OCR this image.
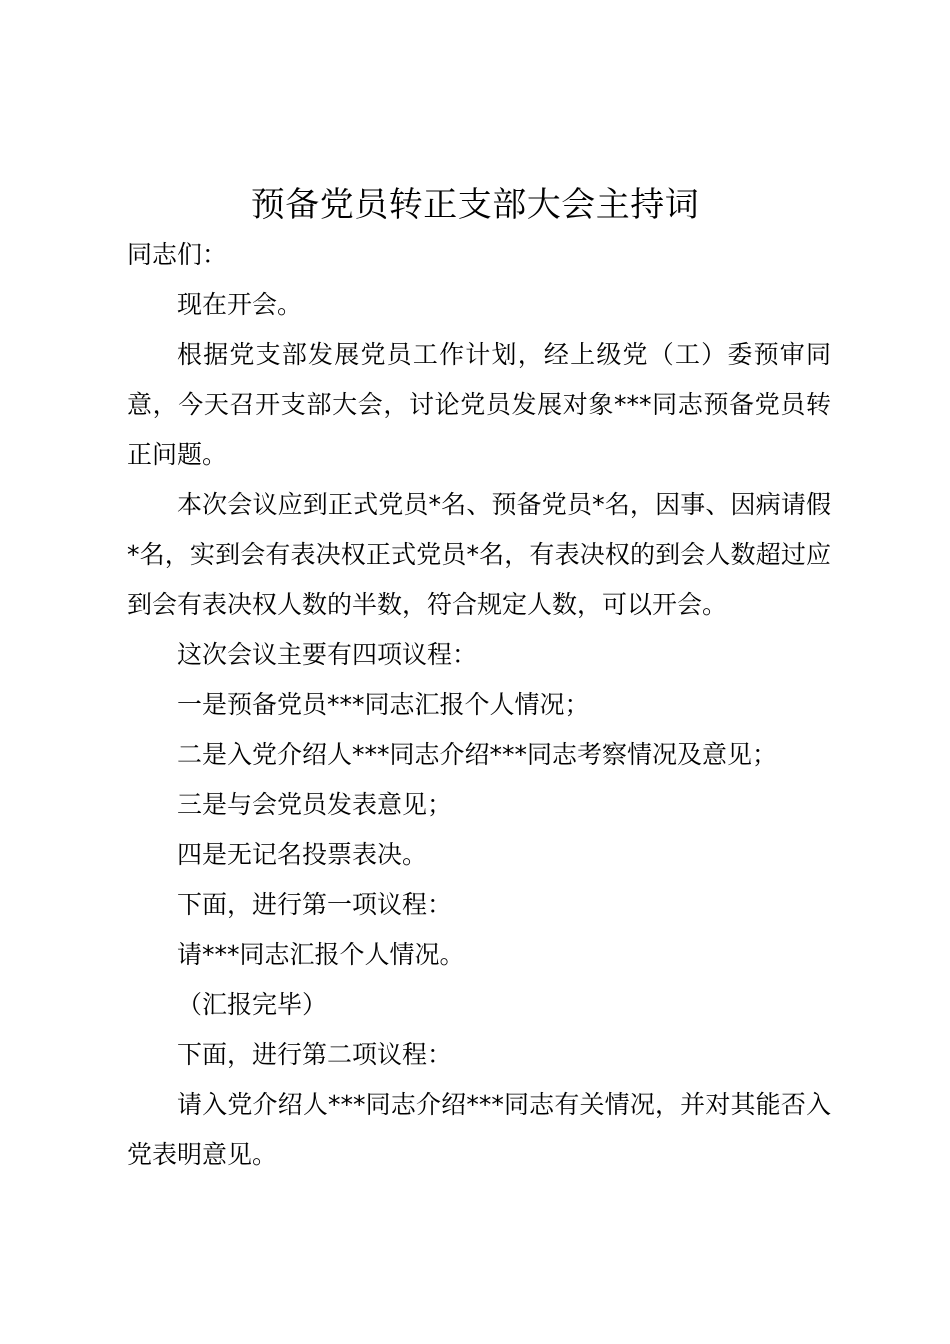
预备党员转正支部大会主持词

同志们：

现在开会。

根据党支部发展党员工作计划，经上级党（工）委预审同意，今天召开支部大会，讨论党员发展对象***同志预备党员转正问题。

本次会议应到正式党员*名、预备党员*名，因事、因病请假*名，实到会有表决权正式党员*名，有表决权的到会人数超过应到会有表决权人数的半数，符合规定人数，可以开会。

这次会议主要有四项议程：

一是预备党员***同志汇报个人情况；

二是入党介绍人***同志介绍***同志考察情况及意见；

三是与会党员发表意见；

四是无记名投票表决。

下面，进行第一项议程：

请***同志汇报个人情况。

（汇报完毕）

下面，进行第二项议程：

请入党介绍人***同志介绍***同志有关情况，并对其能否入党表明意见。
